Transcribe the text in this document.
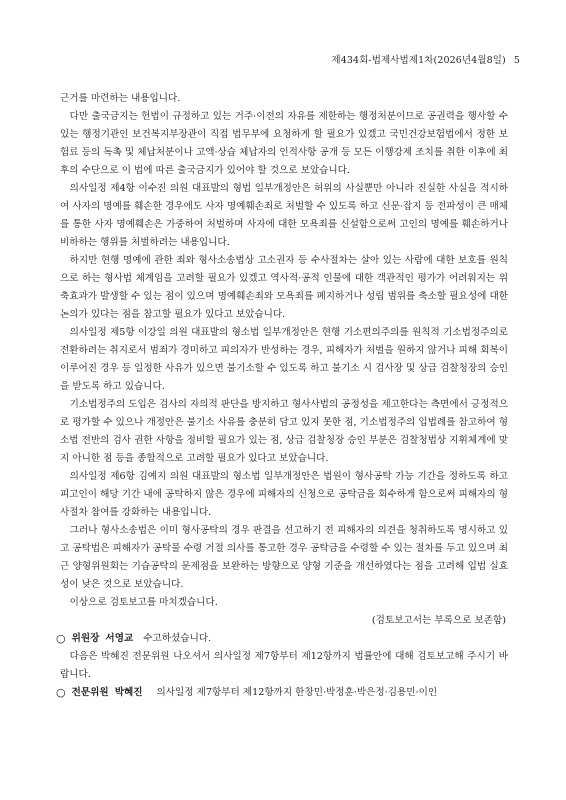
제434회-법제사법제1차(2026년4월8일) 5

근거를 마련하는 내용입니다.

다만 출국금지는 헌법이 규정하고 있는 거주·이전의 자유를 제한하는 행정처분이므로 공권력을 행사할 수 있는 행정기관인 보건복지부장관이 직접 법무부에 요청하게 할 필요가 있겠고 국민건강보험법에서 정한 보험료 등의 독촉 및 체납처분이나 고액·상습 체납자의 인적사항 공개 등 모든 이행강제 조치를 취한 이후에 최후의 수단으로 이 법에 따른 출국금지가 있어야 할 것으로 보았습니다.

의사일정 제4항 이수진 의원 대표발의 형법 일부개정안은 허위의 사실뿐만 아니라 진실한 사실을 적시하여 사자의 명예를 훼손한 경우에도 사자 명예훼손죄로 처벌할 수 있도록 하고 신문·잡지 등 전파성이 큰 매체를 통한 사자 명예훼손은 가중하여 처벌하며 사자에 대한 모욕죄를 신설함으로써 고인의 명예를 훼손하거나 비하하는 행위를 처벌하려는 내용입니다.

하지만 현행 명예에 관한 죄와 형사소송법상 고소권자 등 수사절차는 살아 있는 사람에 대한 보호를 원칙으로 하는 형사법 체계임을 고려할 필요가 있겠고 역사적·공적 인물에 대한 객관적인 평가가 어려워지는 위축효과가 발생할 수 있는 점이 있으며 명예훼손죄와 모욕죄를 폐지하거나 성립 범위를 축소할 필요성에 대한 논의가 있다는 점을 참고할 필요가 있다고 보았습니다.

의사일정 제5항 이강일 의원 대표발의 형소법 일부개정안은 현행 기소편의주의를 원칙적 기소법정주의로 전환하려는 취지로서 범죄가 경미하고 피의자가 반성하는 경우, 피해자가 처벌을 원하지 않거나 피해 회복이 이루어진 경우 등 일정한 사유가 있으면 불기소할 수 있도록 하고 불기소 시 검사장 및 상급 검찰청장의 승인을 받도록 하고 있습니다.

기소법정주의 도입은 검사의 자의적 판단을 방지하고 형사사법의 공정성을 제고한다는 측면에서 긍정적으로 평가할 수 있으나 개정안은 불기소 사유를 충분히 담고 있지 못한 점, 기소법정주의 입법례를 참고하여 형소법 전반의 검사 권한 사항을 정비할 필요가 있는 점, 상급 검찰청장 승인 부분은 검찰청법상 지휘체계에 맞지 아니한 점 등을 종합적으로 고려할 필요가 있다고 보았습니다.

의사일정 제6항 김예지 의원 대표발의 형소법 일부개정안은 법원이 형사공탁 가능 기간을 정하도록 하고 피고인이 해당 기간 내에 공탁하지 않은 경우에 피해자의 신청으로 공탁금을 회수하게 함으로써 피해자의 형사절차 참여를 강화하는 내용입니다.

그러나 형사소송법은 이미 형사공탁의 경우 판결을 선고하기 전 피해자의 의견을 청취하도록 명시하고 있고 공탁법은 피해자가 공탁물 수령 거절 의사를 통고한 경우 공탁금을 수령할 수 있는 절차를 두고 있으며 최근 양형위원회는 기습공탁의 문제점을 보완하는 방향으로 양형 기준을 개선하였다는 점을 고려해 입법 실효성이 낮은 것으로 보았습니다.

이상으로 검토보고를 마치겠습니다.

(검토보고서는 부록으로 보존함)

○ 위원장 서영교 수고하셨습니다.

다음은 박혜진 전문위원 나오셔서 의사일정 제7항부터 제12항까지 법률안에 대해 검토보고해 주시기 바랍니다.

○ 전문위원 박혜진 의사일정 제7항부터 제12항까지 한창민·박정훈·박은정·김용민·이인
